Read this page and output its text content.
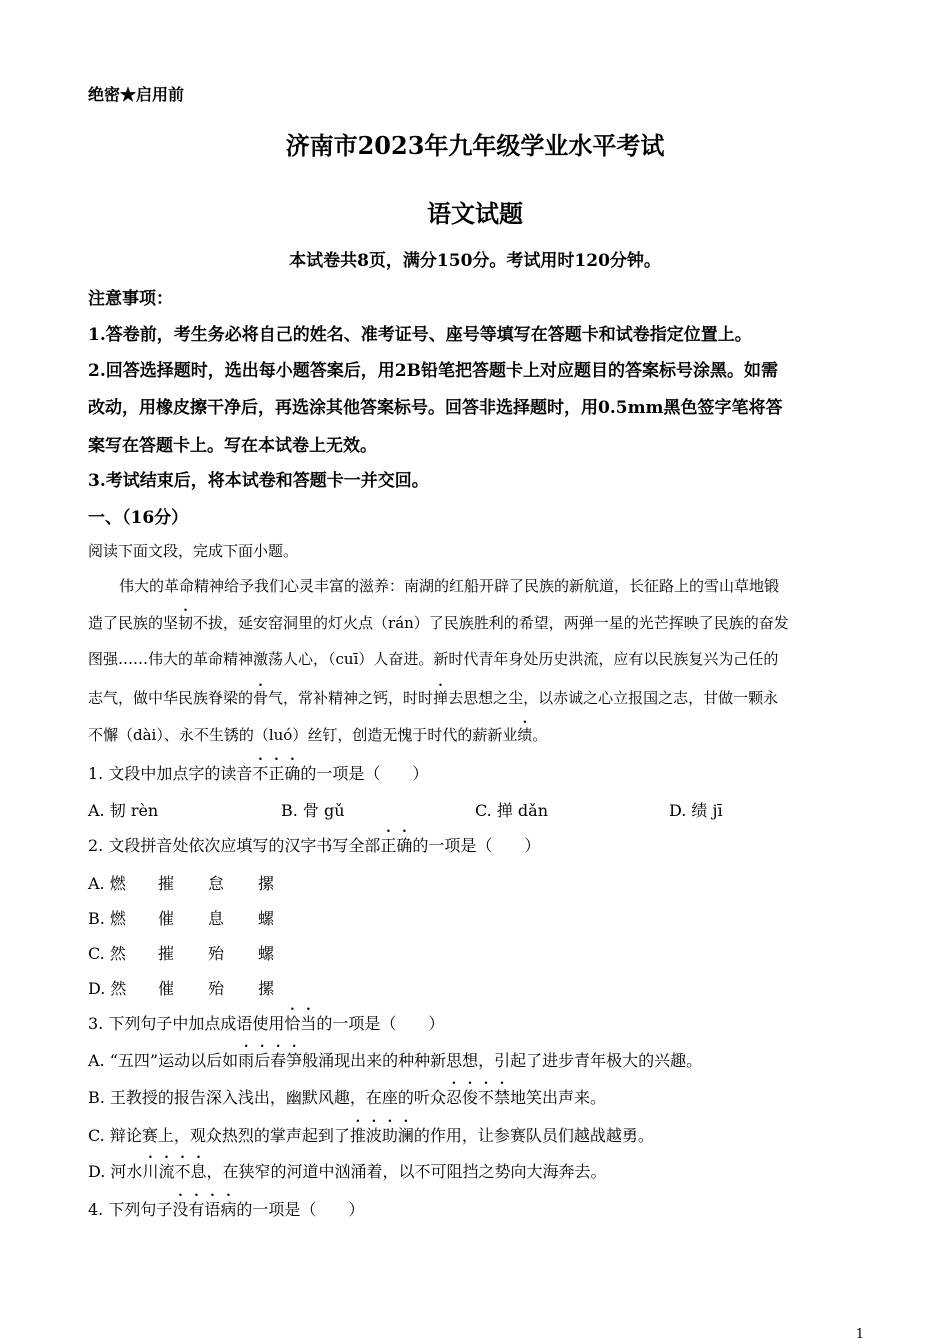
绝密★启用前
济南市2023年九年级学业水平考试
语文试题
本试卷共8页，满分150分。考试用时120分钟。
注意事项：
1.答卷前，考生务必将自己的姓名、准考证号、座号等填写在答题卡和试卷指定位置上。
2.回答选择题时，选出每小题答案后，用2B铅笔把答题卡上对应题目的答案标号涂黑。如需
改动，用橡皮擦干净后，再选涂其他答案标号。回答非选择题时，用0.5mm黑色签字笔将答
案写在答题卡上。写在本试卷上无效。
3.考试结束后，将本试卷和答题卡一并交回。
一、（16分）
阅读下面文段，完成下面小题。
伟大的革命精神给予我们心灵丰富的滋养：南湖的红船开辟了民族的新航道，长征路上的雪山草地锻
造了民族的坚韧不拔，延安窑洞里的灯火点（rán）了民族胜利的希望，两弹一星的光芒挥映了民族的奋发
图强……伟大的革命精神激荡人心，（cuī）人奋进。新时代青年身处历史洪流，应有以民族复兴为己任的
志气，做中华民族脊梁的骨气，常补精神之钙，时时掸去思想之尘，以赤诚之心立报国之志，甘做一颗永
不懈（dài）、永不生锈的（luó）丝钉，创造无愧于时代的薪新业绩。
1. 文段中加点字的读音不正确的一项是（　　）
A. 韧 rèn	B. 骨 gǔ	C. 掸 dǎn	D. 绩 jī
2. 文段拼音处依次应填写的汉字书写全部正确的一项是（　　）
A. 燃 摧 怠 摞
B. 燃 催 息 螺
C. 然 摧 殆 螺
D. 然 催 殆 摞
3. 下列句子中加点成语使用恰当的一项是（　　）
A. “五四”运动以后如雨后春笋般涌现出来的种种新思想，引起了进步青年极大的兴趣。
B. 王教授的报告深入浅出，幽默风趣，在座的听众忍俊不禁地笑出声来。
C. 辩论赛上，观众热烈的掌声起到了推波助澜的作用，让参赛队员们越战越勇。
D. 河水川流不息，在狭窄的河道中汹涌着，以不可阻挡之势向大海奔去。
4. 下列句子没有语病的一项是（　　）
1
